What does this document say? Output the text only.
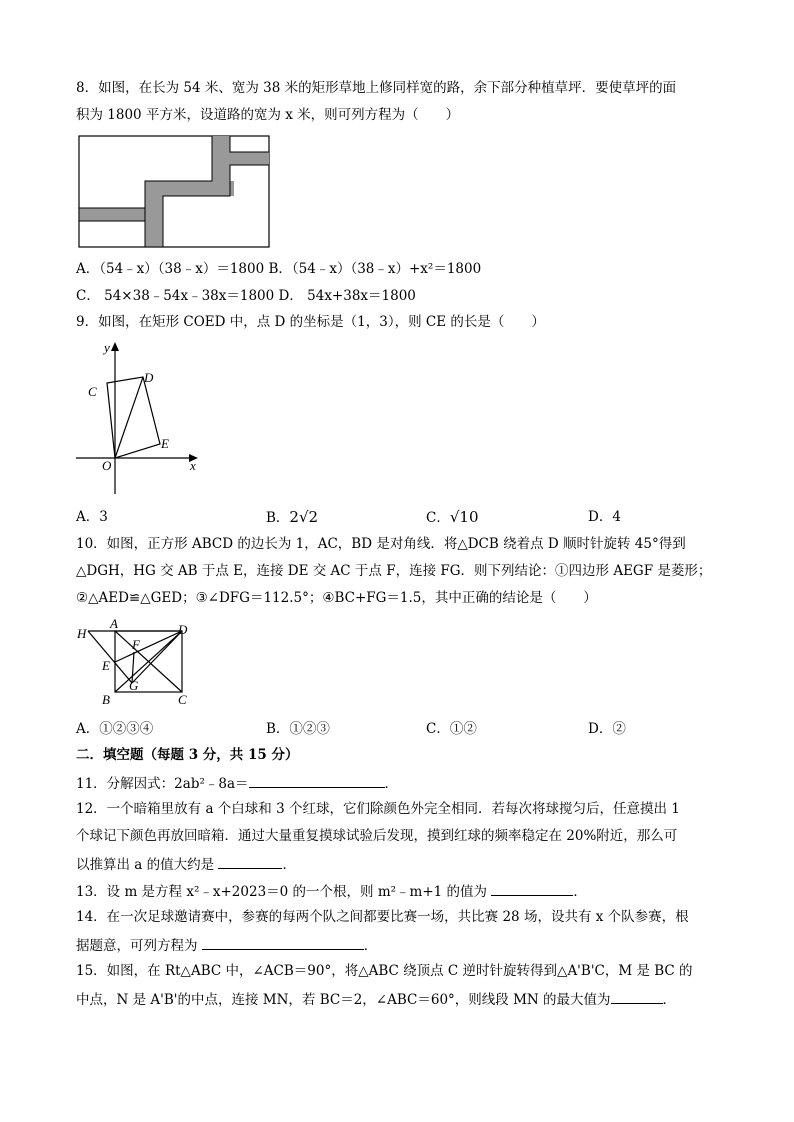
8．如图，在长为 54 米、宽为 38 米的矩形草地上修同样宽的路，余下部分种植草坪．要使草坪的面
积为 1800 平方米，设道路的宽为 x 米，则可列方程为（　　）
A．（54﹣x）（38﹣x）＝1800 B．（54﹣x）（38﹣x）+x²＝1800
C． 54×38﹣54x﹣38x＝1800 D． 54x+38x＝1800
9．如图，在矩形 COED 中，点 D 的坐标是（1，3），则 CE 的长是（　　）
y
x
O
C
D
E
A．3	B．2√2	C．√10	D．4
10．如图，正方形 ABCD 的边长为 1，AC，BD 是对角线．将△DCB 绕着点 D 顺时针旋转 45°得到
△DGH，HG 交 AB 于点 E，连接 DE 交 AC 于点 F，连接 FG．则下列结论：①四边形 AEGF 是菱形；
②△AED≌△GED；③∠DFG＝112.5°；④BC+FG＝1.5，其中正确的结论是（　　）
H
A	D
F
E
G
B	C
A．①②③④	B．①②③	C．①②	D．②
二．填空题（每题 3 分，共 15 分）
11．分解因式：2ab²﹣8a＝	．
12．一个暗箱里放有 a 个白球和 3 个红球，它们除颜色外完全相同．若每次将球搅匀后，任意摸出 1
个球记下颜色再放回暗箱．通过大量重复摸球试验后发现，摸到红球的频率稳定在 20%附近，那么可
以推算出 a 的值大约是	．
13．设 m 是方程 x²﹣x+2023＝0 的一个根，则 m²﹣m+1 的值为	．
14．在一次足球邀请赛中，参赛的每两个队之间都要比赛一场，共比赛 28 场，设共有 x 个队参赛，根
据题意，可列方程为	．
15．如图，在 Rt△ABC 中，∠ACB＝90°，将△ABC 绕顶点 C 逆时针旋转得到△A'B'C，M 是 BC 的
中点，N 是 A'B'的中点，连接 MN，若 BC＝2，∠ABC＝60°，则线段 MN 的最大值为	．
